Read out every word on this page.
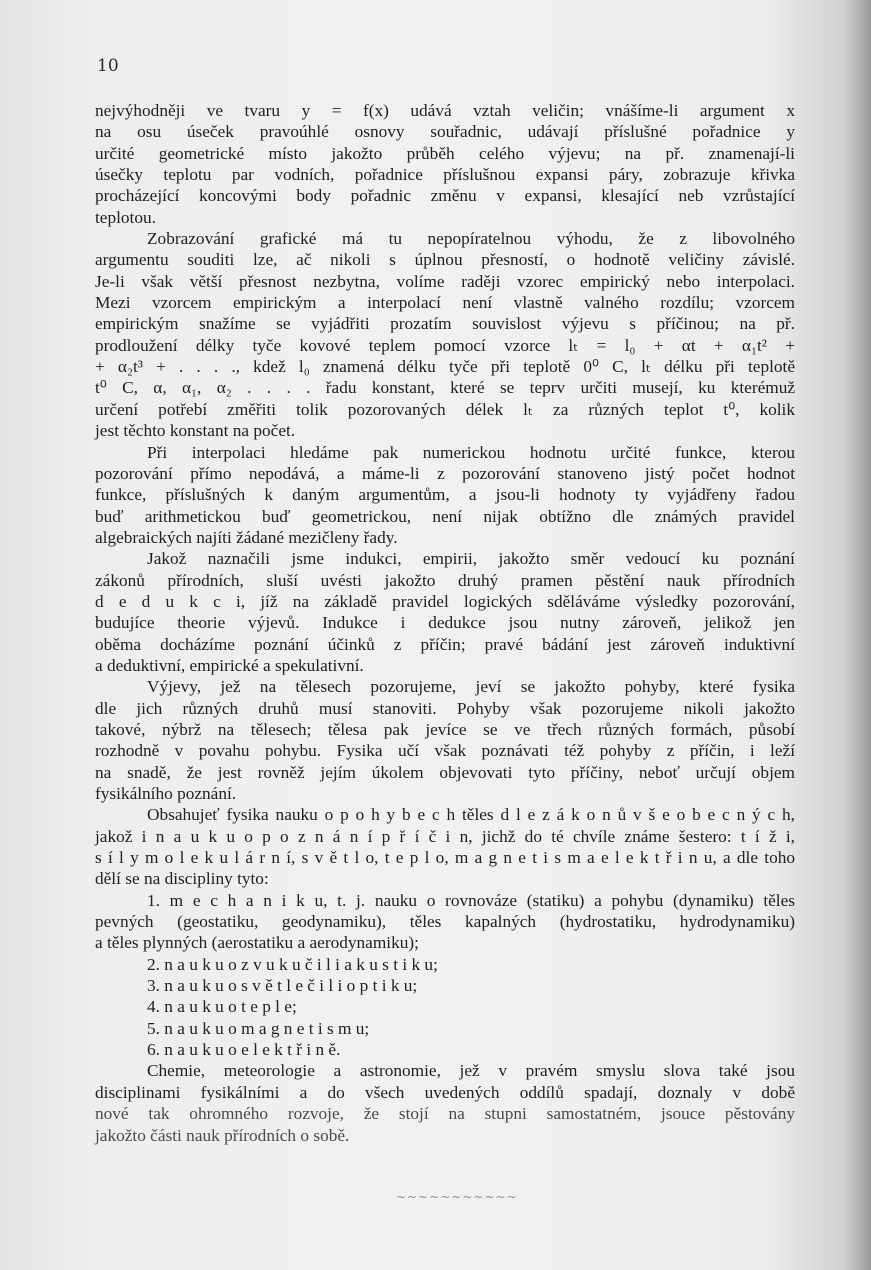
10
nejvýhodněji ve tvaru y = f(x) udává vztah veličin; vnášíme-li argument x
na osu úseček pravoúhlé osnovy souřadnic, udávají příslušné pořadnice y
určité geometrické místo jakožto průběh celého výjevu; na př. znamenají-li
úsečky teplotu par vodních, pořadnice příslušnou expansi páry, zobrazuje křivka
procházející koncovými body pořadnic změnu v expansi, klesající neb vzrůstající
teplotou.
Zobrazování grafické má tu nepopíratelnou výhodu, že z libovolného
argumentu souditi lze, ač nikoli s úplnou přesností, o hodnotě veličiny závislé.
Je-li však větší přesnost nezbytna, volíme raději vzorec empirický nebo interpolaci.
Mezi vzorcem empirickým a interpolací není vlastně valného rozdílu; vzorcem
empirickým snažíme se vyjádřiti prozatím souvislost výjevu s příčinou; na př.
prodloužení délky tyče kovové teplem pomocí vzorce lₜ = l₀ + αt + α₁t² +
+ α₂t³ + . . . ., kdež l₀ znamená délku tyče při teplotě 0⁰ C, lₜ délku při teplotě
t⁰ C, α, α₁, α₂ . . . . řadu konstant, které se teprv určiti musejí, ku kterémuž
určení potřebí změřiti tolik pozorovaných délek lₜ za různých teplot t⁰, kolik
jest těchto konstant na počet.
Při interpolaci hledáme pak numerickou hodnotu určité funkce, kterou
pozorování přímo nepodává, a máme-li z pozorování stanoveno jistý počet hodnot
funkce, příslušných k daným argumentům, a jsou-li hodnoty ty vyjádřeny řadou
buď arithmetickou buď geometrickou, není nijak obtížno dle známých pravidel
algebraických najíti žádané mezičleny řady.
Jakož naznačili jsme indukci, empirii, jakožto směr vedoucí ku poznání
zákonů přírodních, sluší uvésti jakožto druhý pramen pěstění nauk přírodních
d e d u k c i, jíž na základě pravidel logických sděláváme výsledky pozorování,
budujíce theorie výjevů. Indukce i dedukce jsou nutny zároveň, jelikož jen
oběma docházíme poznání účinků z příčin; pravé bádání jest zároveň induktivní
a deduktivní, empirické a spekulativní.
Výjevy, jež na tělesech pozorujeme, jeví se jakožto pohyby, které fysika
dle jich různých druhů musí stanoviti. Pohyby však pozorujeme nikoli jakožto
takové, nýbrž na tělesech; tělesa pak jevíce se ve třech různých formách, působí
rozhodně v povahu pohybu. Fysika učí však poznávati též pohyby z příčin, i leží
na snadě, že jest rovněž jejím úkolem objevovati tyto příčiny, neboť určují objem
fysikálního poznání.
Obsahujeť fysika nauku o p o h y b e c h těles d l e z á k o n ů v š e o b e c n ý c h,
jakož i n a u k u o p o z n á n í p ř í č i n, jichž do té chvíle známe šestero: t í ž i,
s í l y m o l e k u l á r n í, s v ě t l o, t e p l o, m a g n e t i s m a e l e k t ř i n u, a dle toho
dělí se na discipliny tyto:
1. m e c h a n i k u, t. j. nauku o rovnováze (statiku) a pohybu (dynamiku) těles
pevných (geostatiku, geodynamiku), těles kapalných (hydrostatiku, hydrodynamiku)
a těles plynných (aerostatiku a aerodynamiku);
2. n a u k u o z v u k u č i l i a k u s t i k u;
3. n a u k u o s v ě t l e č i l i o p t i k u;
4. n a u k u o t e p l e;
5. n a u k u o m a g n e t i s m u;
6. n a u k u o e l e k t ř i n ě.
Chemie, meteorologie a astronomie, jež v pravém smyslu slova také jsou
disciplinami fysikálními a do všech uvedených oddílů spadají, doznaly v době
nové tak ohromného rozvoje, že stojí na stupni samostatném, jsouce pěstovány
jakožto části nauk přírodních o sobě.
~~~~~~~~~~~
